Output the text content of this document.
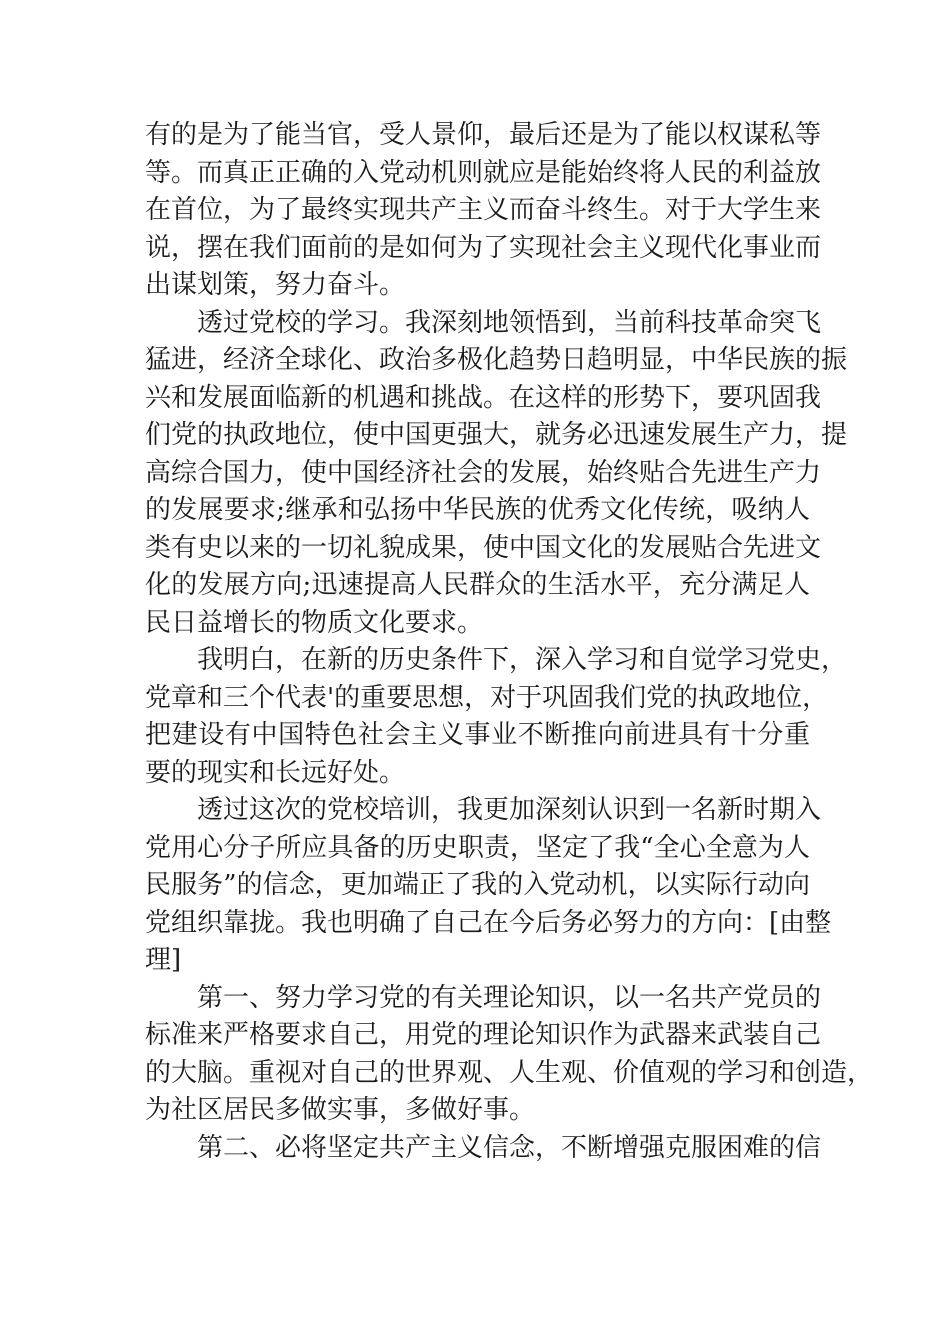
有的是为了能当官，受人景仰，最后还是为了能以权谋私等
等。而真正正确的入党动机则就应是能始终将人民的利益放
在首位，为了最终实现共产主义而奋斗终生。对于大学生来
说，摆在我们面前的是如何为了实现社会主义现代化事业而
出谋划策，努力奋斗。
　　透过党校的学习。我深刻地领悟到，当前科技革命突飞
猛进，经济全球化、政治多极化趋势日趋明显，中华民族的振
兴和发展面临新的机遇和挑战。在这样的形势下，要巩固我
们党的执政地位，使中国更强大，就务必迅速发展生产力，提
高综合国力，使中国经济社会的发展，始终贴合先进生产力
的发展要求;继承和弘扬中华民族的优秀文化传统，吸纳人
类有史以来的一切礼貌成果，使中国文化的发展贴合先进文
化的发展方向;迅速提高人民群众的生活水平，充分满足人
民日益增长的物质文化要求。
　　我明白，在新的历史条件下，深入学习和自觉学习党史，
党章和三个代表'的重要思想，对于巩固我们党的执政地位，
把建设有中国特色社会主义事业不断推向前进具有十分重
要的现实和长远好处。
　　透过这次的党校培训，我更加深刻认识到一名新时期入
党用心分子所应具备的历史职责，坚定了我“全心全意为人
民服务”的信念，更加端正了我的入党动机，以实际行动向
党组织靠拢。我也明确了自己在今后务必努力的方向：[由整
理]
　　第一、努力学习党的有关理论知识，以一名共产党员的
标准来严格要求自己，用党的理论知识作为武器来武装自己
的大脑。重视对自己的世界观、人生观、价值观的学习和创造，
为社区居民多做实事，多做好事。
　　第二、必将坚定共产主义信念，不断增强克服困难的信
